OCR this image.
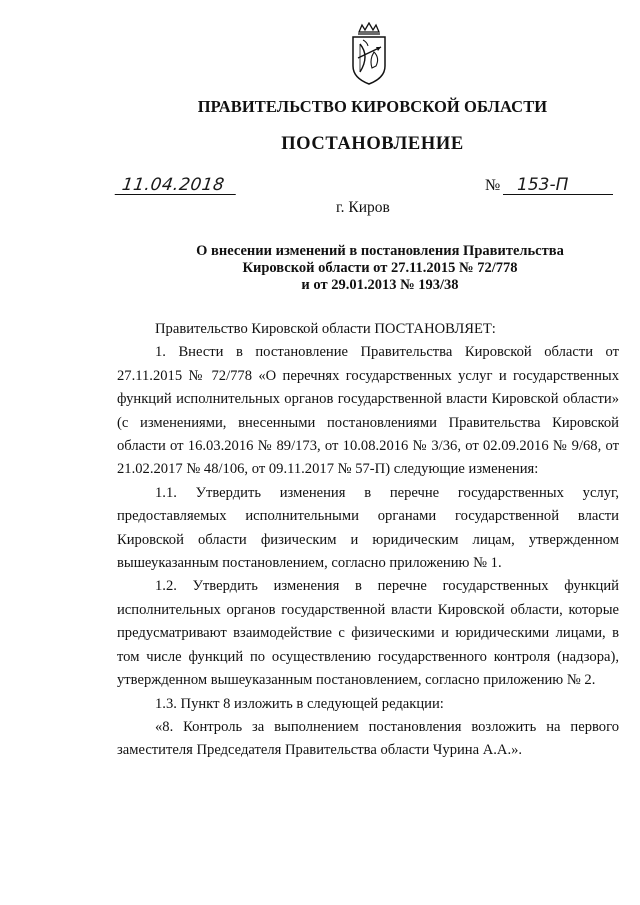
ПРАВИТЕЛЬСТВО КИРОВСКОЙ ОБЛАСТИ
ПОСТАНОВЛЕНИЕ
11.04.2018	№ 153-П
г. Киров
О внесении изменений в постановления Правительства
Кировской области от 27.11.2015 № 72/778
и от 29.01.2013 № 193/38

Правительство Кировской области ПОСТАНОВЛЯЕТ:

1. Внести в постановление Правительства Кировской области от 27.11.2015 № 72/778 «О перечнях государственных услуг и государственных функций исполнительных органов государственной власти Кировской области» (с изменениями, внесенными постановлениями Правительства Кировской области от 16.03.2016 № 89/173, от 10.08.2016 № 3/36, от 02.09.2016 № 9/68, от 21.02.2017 № 48/106, от 09.11.2017 № 57-П) следующие изменения:

1.1. Утвердить изменения в перечне государственных услуг, предоставляемых исполнительными органами государственной власти Кировской области физическим и юридическим лицам, утвержденном вышеуказанным постановлением, согласно приложению № 1.

1.2. Утвердить изменения в перечне государственных функций исполнительных органов государственной власти Кировской области, которые предусматривают взаимодействие с физическими и юридическими лицами, в том числе функций по осуществлению государственного контроля (надзора), утвержденном вышеуказанным постановлением, согласно приложению № 2.

1.3. Пункт 8 изложить в следующей редакции:

«8. Контроль за выполнением постановления возложить на первого заместителя Председателя Правительства области Чурина А.А.».
